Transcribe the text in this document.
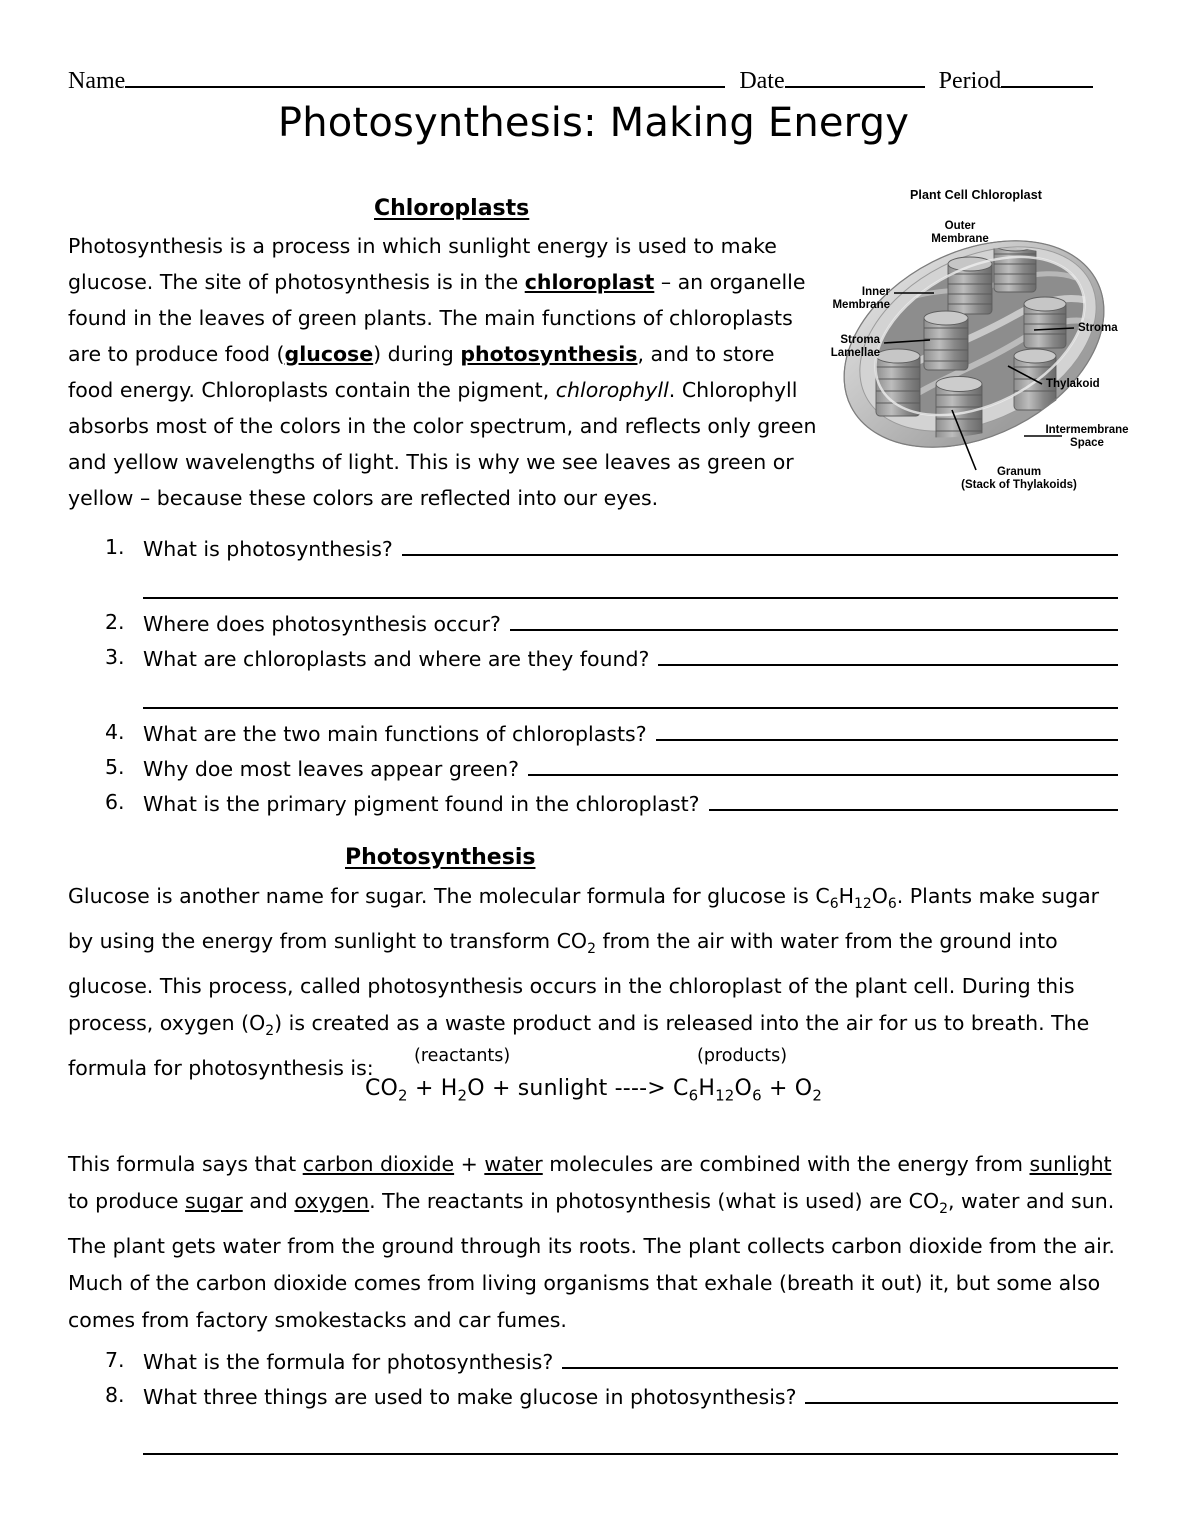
Name	Date	Period
Photosynthesis: Making Energy
Chloroplasts
Photosynthesis is a process in which sunlight energy is used to make glucose. The site of photosynthesis is in the chloroplast – an organelle found in the leaves of green plants. The main functions of chloroplasts are to produce food (glucose) during photosynthesis, and to store food energy. Chloroplasts contain the pigment, chlorophyll. Chlorophyll absorbs most of the colors in the color spectrum, and reflects only green and yellow wavelengths of light. This is why we see leaves as green or yellow – because these colors are reflected into our eyes.
Plant Cell Chloroplast
Outer
Membrane
Inner
Membrane
Stroma
Lamellae
Stroma
Thylakoid
Intermembrane
Space
Granum
(Stack of Thylakoids)
1. What is photosynthesis?
2. Where does photosynthesis occur?
3. What are chloroplasts and where are they found?
4. What are the two main functions of chloroplasts?
5. Why doe most leaves appear green?
6. What is the primary pigment found in the chloroplast?
Photosynthesis
Glucose is another name for sugar. The molecular formula for glucose is $C_6H_{12}O_6$. Plants make sugar by using the energy from sunlight to transform $CO_2$ from the air with water from the ground into glucose. This process, called photosynthesis occurs in the chloroplast of the plant cell. During this process, oxygen $(O_2)$ is created as a waste product and is released into the air for us to breath. The formula for photosynthesis is:
(reactants)	(products)
$CO_2 + H_2O$ + sunlight ----> $C_6H_{12}O_6 + O_2$
This formula says that carbon dioxide + water molecules are combined with the energy from sunlight to produce sugar and oxygen. The reactants in photosynthesis (what is used) are $CO_2$, water and sun. The plant gets water from the ground through its roots. The plant collects carbon dioxide from the air. Much of the carbon dioxide comes from living organisms that exhale (breath it out) it, but some also comes from factory smokestacks and car fumes.
7. What is the formula for photosynthesis?
8. What three things are used to make glucose in photosynthesis?
